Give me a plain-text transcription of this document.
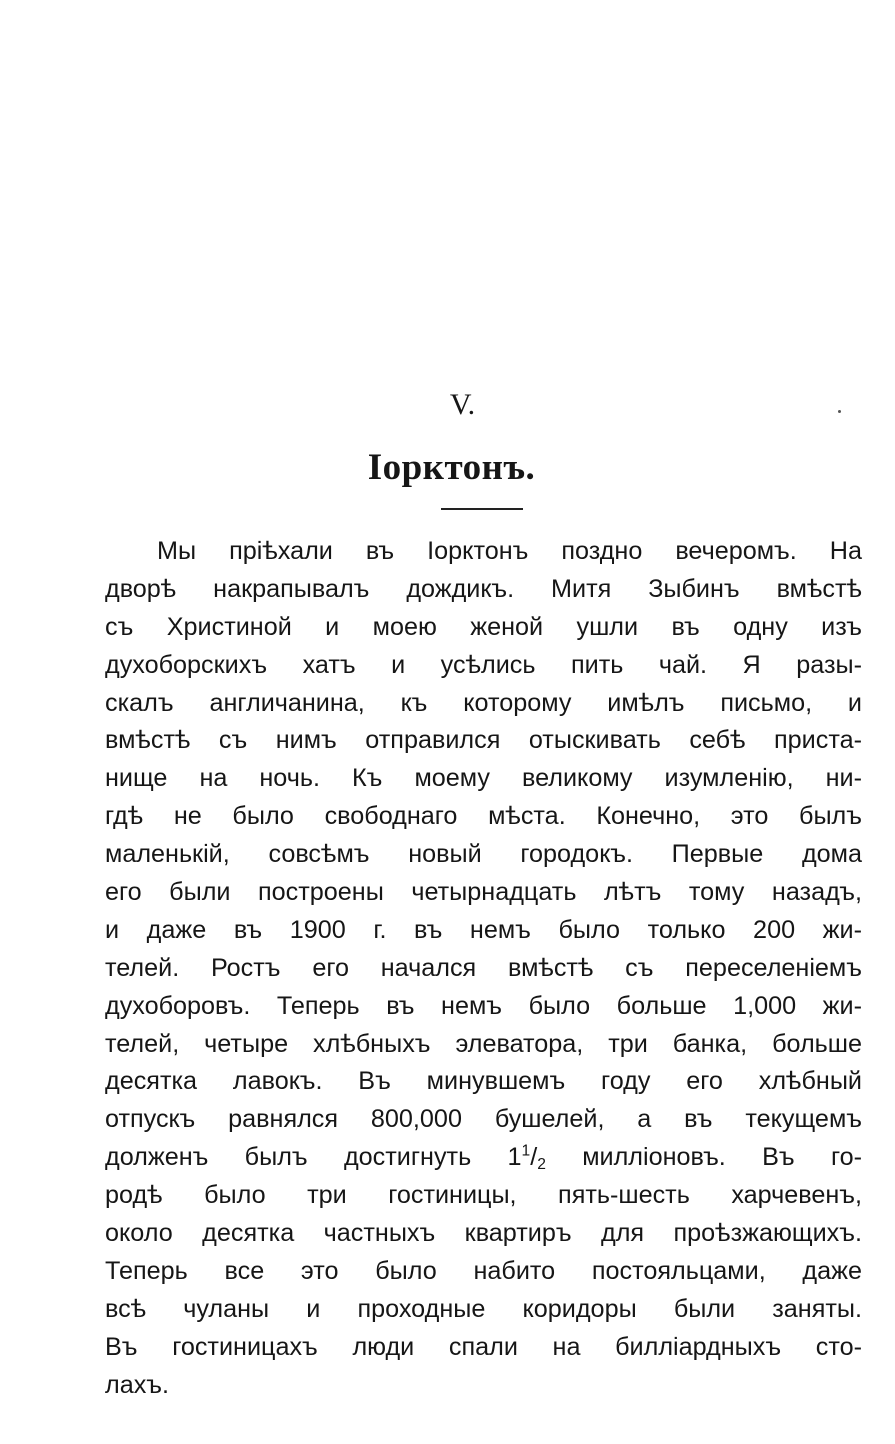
V.
Іорктонъ.
Мы пріѣхали въ Іорктонъ поздно вечеромъ. На
дворѣ накрапывалъ дождикъ. Митя Зыбинъ вмѣстѣ
съ Христиной и моею женой ушли въ одну изъ
духоборскихъ хатъ и усѣлись пить чай. Я разы-
скалъ англичанина, къ которому имѣлъ письмо, и
вмѣстѣ съ нимъ отправился отыскивать себѣ приста-
нище на ночь. Къ моему великому изумленію, ни-
гдѣ не было свободнаго мѣста. Конечно, это былъ
маленькій, совсѣмъ новый городокъ. Первые дома
его были построены четырнадцать лѣтъ тому назадъ,
и даже въ 1900 г. въ немъ было только 200 жи-
телей. Ростъ его начался вмѣстѣ съ переселеніемъ
духоборовъ. Теперь въ немъ было больше 1,000 жи-
телей, четыре хлѣбныхъ элеватора, три банка, больше
десятка лавокъ. Въ минувшемъ году его хлѣбный
отпускъ равнялся 800,000 бушелей, а въ текущемъ
долженъ былъ достигнуть $1^1/_2$ миллiоновъ. Въ го-
родѣ было три гостиницы, пять-шесть харчевенъ,
около десятка частныхъ квартиръ для проѣзжающихъ.
Теперь все это было набито постояльцами, даже
всѣ чуланы и проходные коридоры были заняты.
Въ гостиницахъ люди спали на билліардныхъ сто-
лахъ.
